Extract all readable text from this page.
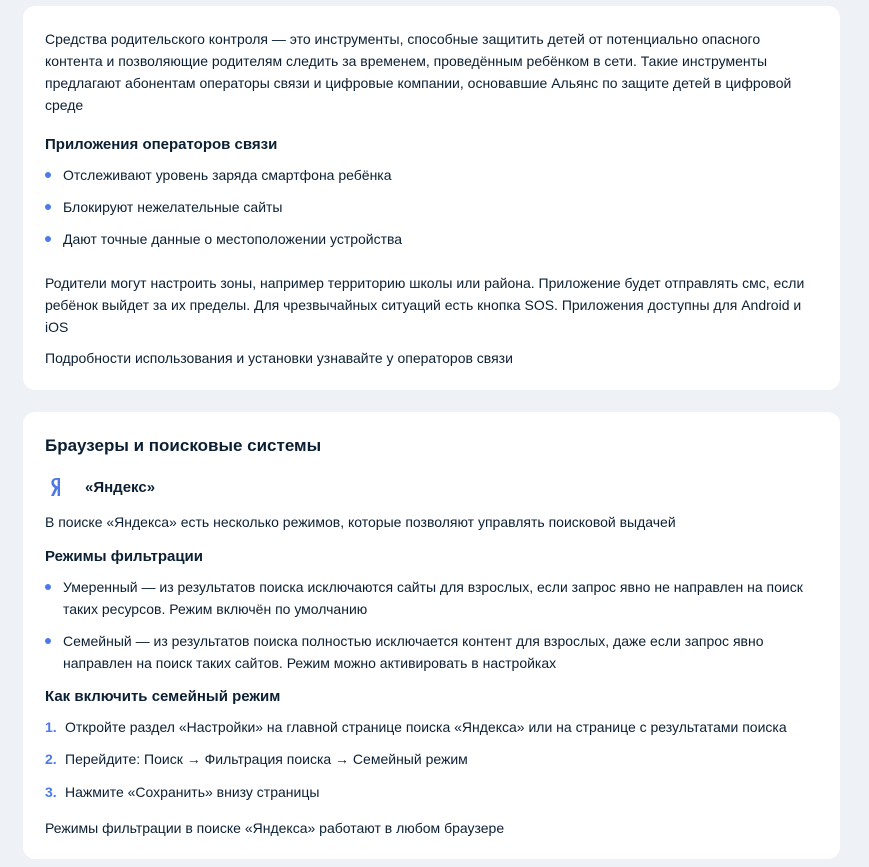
Средства родительского контроля — это инструменты, способные защитить детей от потенциально опасного контента и позволяющие родителям следить за временем, проведённым ребёнком в сети. Такие инструменты предлагают абонентам операторы связи и цифровые компании, основавшие Альянс по защите детей в цифровой среде

Приложения операторов связи
Отслеживают уровень заряда смартфона ребёнка
Блокируют нежелательные сайты
Дают точные данные о местоположении устройства

Родители могут настроить зоны, например территорию школы или района. Приложение будет отправлять смс, если ребёнок выйдет за их пределы. Для чрезвычайных ситуаций есть кнопка SOS. Приложения доступны для Android и iOS

Подробности использования и установки узнавайте у операторов связи

Браузеры и поисковые системы
«Яндекс»

В поиске «Яндекса» есть несколько режимов, которые позволяют управлять поисковой выдачей

Режимы фильтрации
Умеренный — из результатов поиска исключаются сайты для взрослых, если запрос явно не направлен на поиск таких ресурсов. Режим включён по умолчанию
Семейный — из результатов поиска полностью исключается контент для взрослых, даже если запрос явно направлен на поиск таких сайтов. Режим можно активировать в настройках
Как включить семейный режим
1. Откройте раздел «Настройки» на главной странице поиска «Яндекса» или на странице с результатами поиска
2. Перейдите: Поиск → Фильтрация поиска → Семейный режим
3. Нажмите «Сохранить» внизу страницы

Режимы фильтрации в поиске «Яндекса» работают в любом браузере
